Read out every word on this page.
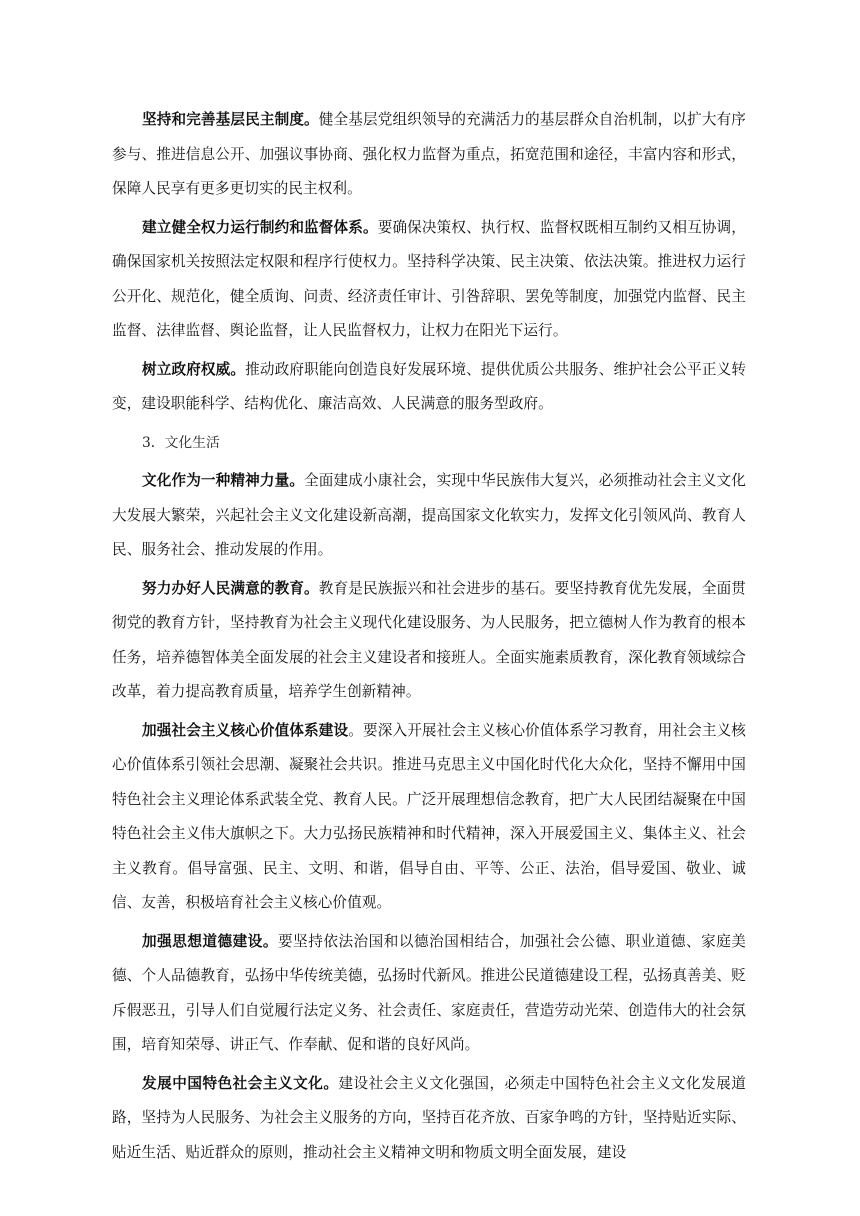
坚持和完善基层民主制度。健全基层党组织领导的充满活力的基层群众自治机制，以扩大有序参与、推进信息公开、加强议事协商、强化权力监督为重点，拓宽范围和途径，丰富内容和形式，保障人民享有更多更切实的民主权利。

建立健全权力运行制约和监督体系。要确保决策权、执行权、监督权既相互制约又相互协调，确保国家机关按照法定权限和程序行使权力。坚持科学决策、民主决策、依法决策。推进权力运行公开化、规范化，健全质询、问责、经济责任审计、引咎辞职、罢免等制度，加强党内监督、民主监督、法律监督、舆论监督，让人民监督权力，让权力在阳光下运行。

树立政府权威。推动政府职能向创造良好发展环境、提供优质公共服务、维护社会公平正义转变，建设职能科学、结构优化、廉洁高效、人民满意的服务型政府。

3．文化生活

文化作为一种精神力量。全面建成小康社会，实现中华民族伟大复兴，必须推动社会主义文化大发展大繁荣，兴起社会主义文化建设新高潮，提高国家文化软实力，发挥文化引领风尚、教育人民、服务社会、推动发展的作用。

努力办好人民满意的教育。教育是民族振兴和社会进步的基石。要坚持教育优先发展，全面贯彻党的教育方针，坚持教育为社会主义现代化建设服务、为人民服务，把立德树人作为教育的根本任务，培养德智体美全面发展的社会主义建设者和接班人。全面实施素质教育，深化教育领域综合改革，着力提高教育质量，培养学生创新精神。

加强社会主义核心价值体系建设。要深入开展社会主义核心价值体系学习教育，用社会主义核心价值体系引领社会思潮、凝聚社会共识。推进马克思主义中国化时代化大众化，坚持不懈用中国特色社会主义理论体系武装全党、教育人民。广泛开展理想信念教育，把广大人民团结凝聚在中国特色社会主义伟大旗帜之下。大力弘扬民族精神和时代精神，深入开展爱国主义、集体主义、社会主义教育。倡导富强、民主、文明、和谐，倡导自由、平等、公正、法治，倡导爱国、敬业、诚信、友善，积极培育社会主义核心价值观。

加强思想道德建设。要坚持依法治国和以德治国相结合，加强社会公德、职业道德、家庭美德、个人品德教育，弘扬中华传统美德，弘扬时代新风。推进公民道德建设工程，弘扬真善美、贬斥假恶丑，引导人们自觉履行法定义务、社会责任、家庭责任，营造劳动光荣、创造伟大的社会氛围，培育知荣辱、讲正气、作奉献、促和谐的良好风尚。

发展中国特色社会主义文化。建设社会主义文化强国，必须走中国特色社会主义文化发展道路，坚持为人民服务、为社会主义服务的方向，坚持百花齐放、百家争鸣的方针，坚持贴近实际、贴近生活、贴近群众的原则，推动社会主义精神文明和物质文明全面发展，建设
